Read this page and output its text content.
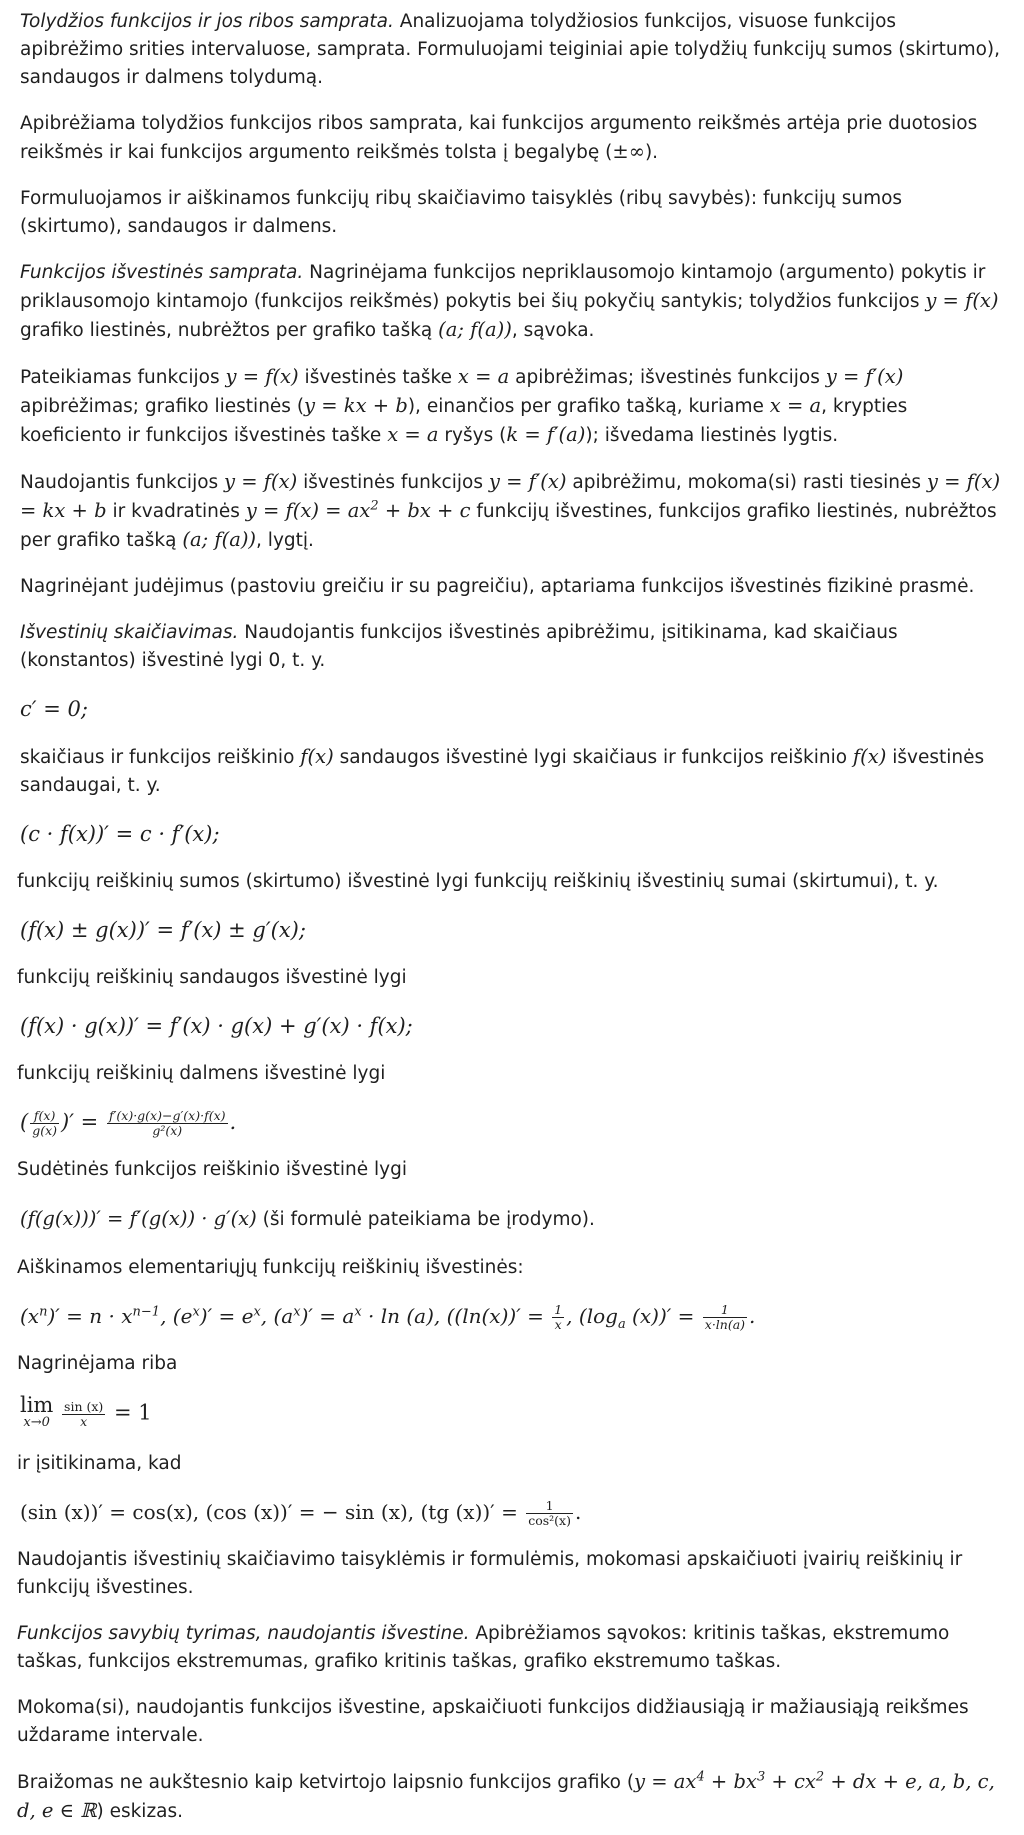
Tolydžios funkcijos ir jos ribos samprata. Analizuojama tolydžiosios funkcijos, visuose funkcijos apibrėžimo srities intervaluose, samprata. Formuluojami teiginiai apie tolydžių funkcijų sumos (skirtumo), sandaugos ir dalmens tolydumą.

Apibrėžiama tolydžios funkcijos ribos samprata, kai funkcijos argumento reikšmės artėja prie duotosios reikšmės ir kai funkcijos argumento reikšmės tolsta į begalybę (±∞).

Formuluojamos ir aiškinamos funkcijų ribų skaičiavimo taisyklės (ribų savybės): funkcijų sumos (skirtumo), sandaugos ir dalmens.

Funkcijos išvestinės samprata. Nagrinėjama funkcijos nepriklausomojo kintamojo (argumento) pokytis ir priklausomojo kintamojo (funkcijos reikšmės) pokytis bei šių pokyčių santykis; tolydžios funkcijos y = f(x) grafiko liestinės, nubrėžtos per grafiko tašką (a; f(a)), sąvoka.

Pateikiamas funkcijos y = f(x) išvestinės taške x = a apibrėžimas; išvestinės funkcijos y = f′(x) apibrėžimas; grafiko liestinės (y = kx + b), einančios per grafiko tašką, kuriame x = a, krypties koeficiento ir funkcijos išvestinės taške x = a ryšys (k = f′(a)); išvedama liestinės lygtis.

Naudojantis funkcijos y = f(x) išvestinės funkcijos y = f′(x) apibrėžimu, mokoma(si) rasti tiesinės y = f(x) = kx + b ir kvadratinės $y = f(x) = ax^2$ + bx + c funkcijų išvestines, funkcijos grafiko liestinės, nubrėžtos per grafiko tašką (a; f(a)), lygtį.

Nagrinėjant judėjimus (pastoviu greičiu ir su pagreičiu), aptariama funkcijos išvestinės fizikinė prasmė.

Išvestinių skaičiavimas. Naudojantis funkcijos išvestinės apibrėžimu, įsitikinama, kad skaičiaus (konstantos) išvestinė lygi 0, t. y.

c′ = 0;

skaičiaus ir funkcijos reiškinio f(x) sandaugos išvestinė lygi skaičiaus ir funkcijos reiškinio f(x) išvestinės sandaugai, t. y.

(c · f(x))′ = c · f′(x);

funkcijų reiškinių sumos (skirtumo) išvestinė lygi funkcijų reiškinių išvestinių sumai (skirtumui), t. y.

(f(x) ± g(x))′ = f′(x) ± g′(x);

funkcijų reiškinių sandaugos išvestinė lygi

(f(x) · g(x))′ = f′(x) · g(x) + g′(x) · f(x);

funkcijų reiškinių dalmens išvestinė lygi

( $\frac{f(x)}{g(x)}$ )′ = $\frac{f'(x)\cdot g(x)-g'(x)\cdot f(x)}{\text{g²(x)}}$ .

Sudėtinės funkcijos reiškinio išvestinė lygi

(f(g(x)))′ = f′(g(x)) · g′(x) (ši formulė pateikiama be įrodymo).

Aiškinamos elementariųjų funkcijų reiškinių išvestinės:

$(x^n)' = n \cdot x^{n-1}$, $(e^x)' = e^x$, $(a^x)' = a^x \cdot \ln (a)$, ($(\ln(x))' = \frac{1}{x}$ , ($\log_a$ $(x))' = \frac{1}{x\cdot\ln(a)}$ .

Nagrinėjama riba

lim
x→0
$\frac{\sin (x)}{x} = 1$

ir įsitikinama, kad

(sin (x))′ = cos(x), (cos (x))′ = − sin (x), (tg $(x))' = \frac{1}{\text{cos²(x)}}$ .

Naudojantis išvestinių skaičiavimo taisyklėmis ir formulėmis, mokomasi apskaičiuoti įvairių reiškinių ir funkcijų išvestines.

Funkcijos savybių tyrimas, naudojantis išvestine. Apibrėžiamos sąvokos: kritinis taškas, ekstremumo taškas, funkcijos ekstremumas, grafiko kritinis taškas, grafiko ekstremumo taškas.

Mokoma(si), naudojantis funkcijos išvestine, apskaičiuoti funkcijos didžiausiąją ir mažiausiąją reikšmes uždarame intervale.

Braižomas ne aukštesnio kaip ketvirtojo laipsnio funkcijos grafiko ($y = ax^4 + bx^3 + cx^2$ + dx + e, a, b, c, d, e ∈ ℝ) eskizas.
